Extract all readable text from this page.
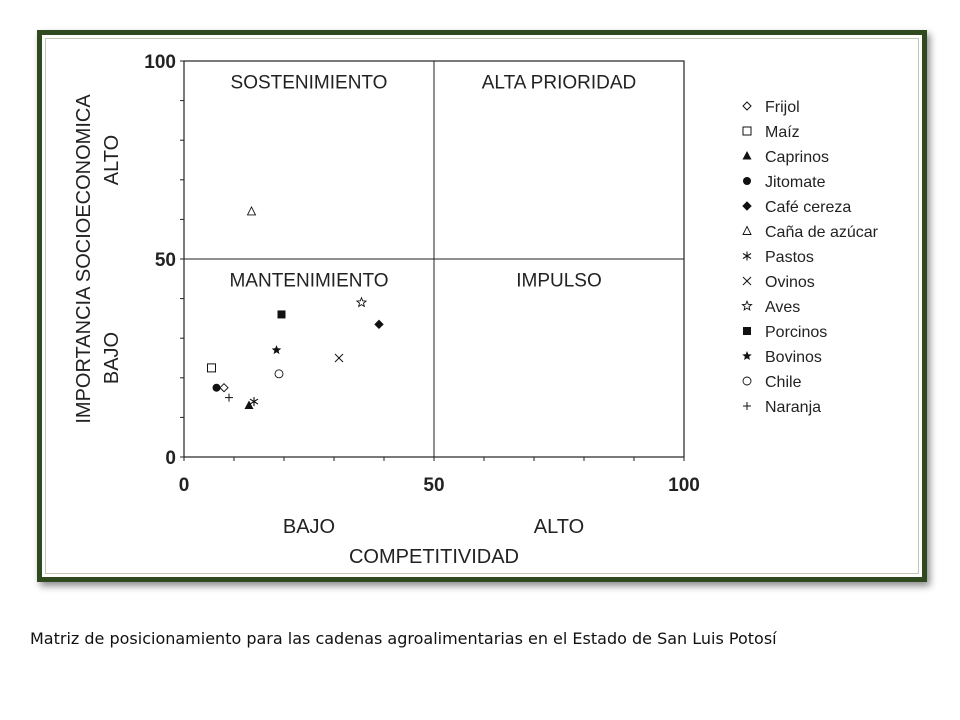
0
50
100
0	50	100
SOSTENIMIENTO	ALTA PRIORIDAD
MANTENIMIENTO	IMPULSO
BAJO	ALTO
COMPETITIVIDAD
IMPORTANCIA SOCIOECONOMICA ALTO
BAJO
Frijol
Maíz
Caprinos
Jitomate
Café cereza
Caña de azúcar
Pastos
Ovinos
Aves
Porcinos
Bovinos
Chile
Naranja
Matriz de posicionamiento para las cadenas agroalimentarias en el Estado de San Luis Potosí
